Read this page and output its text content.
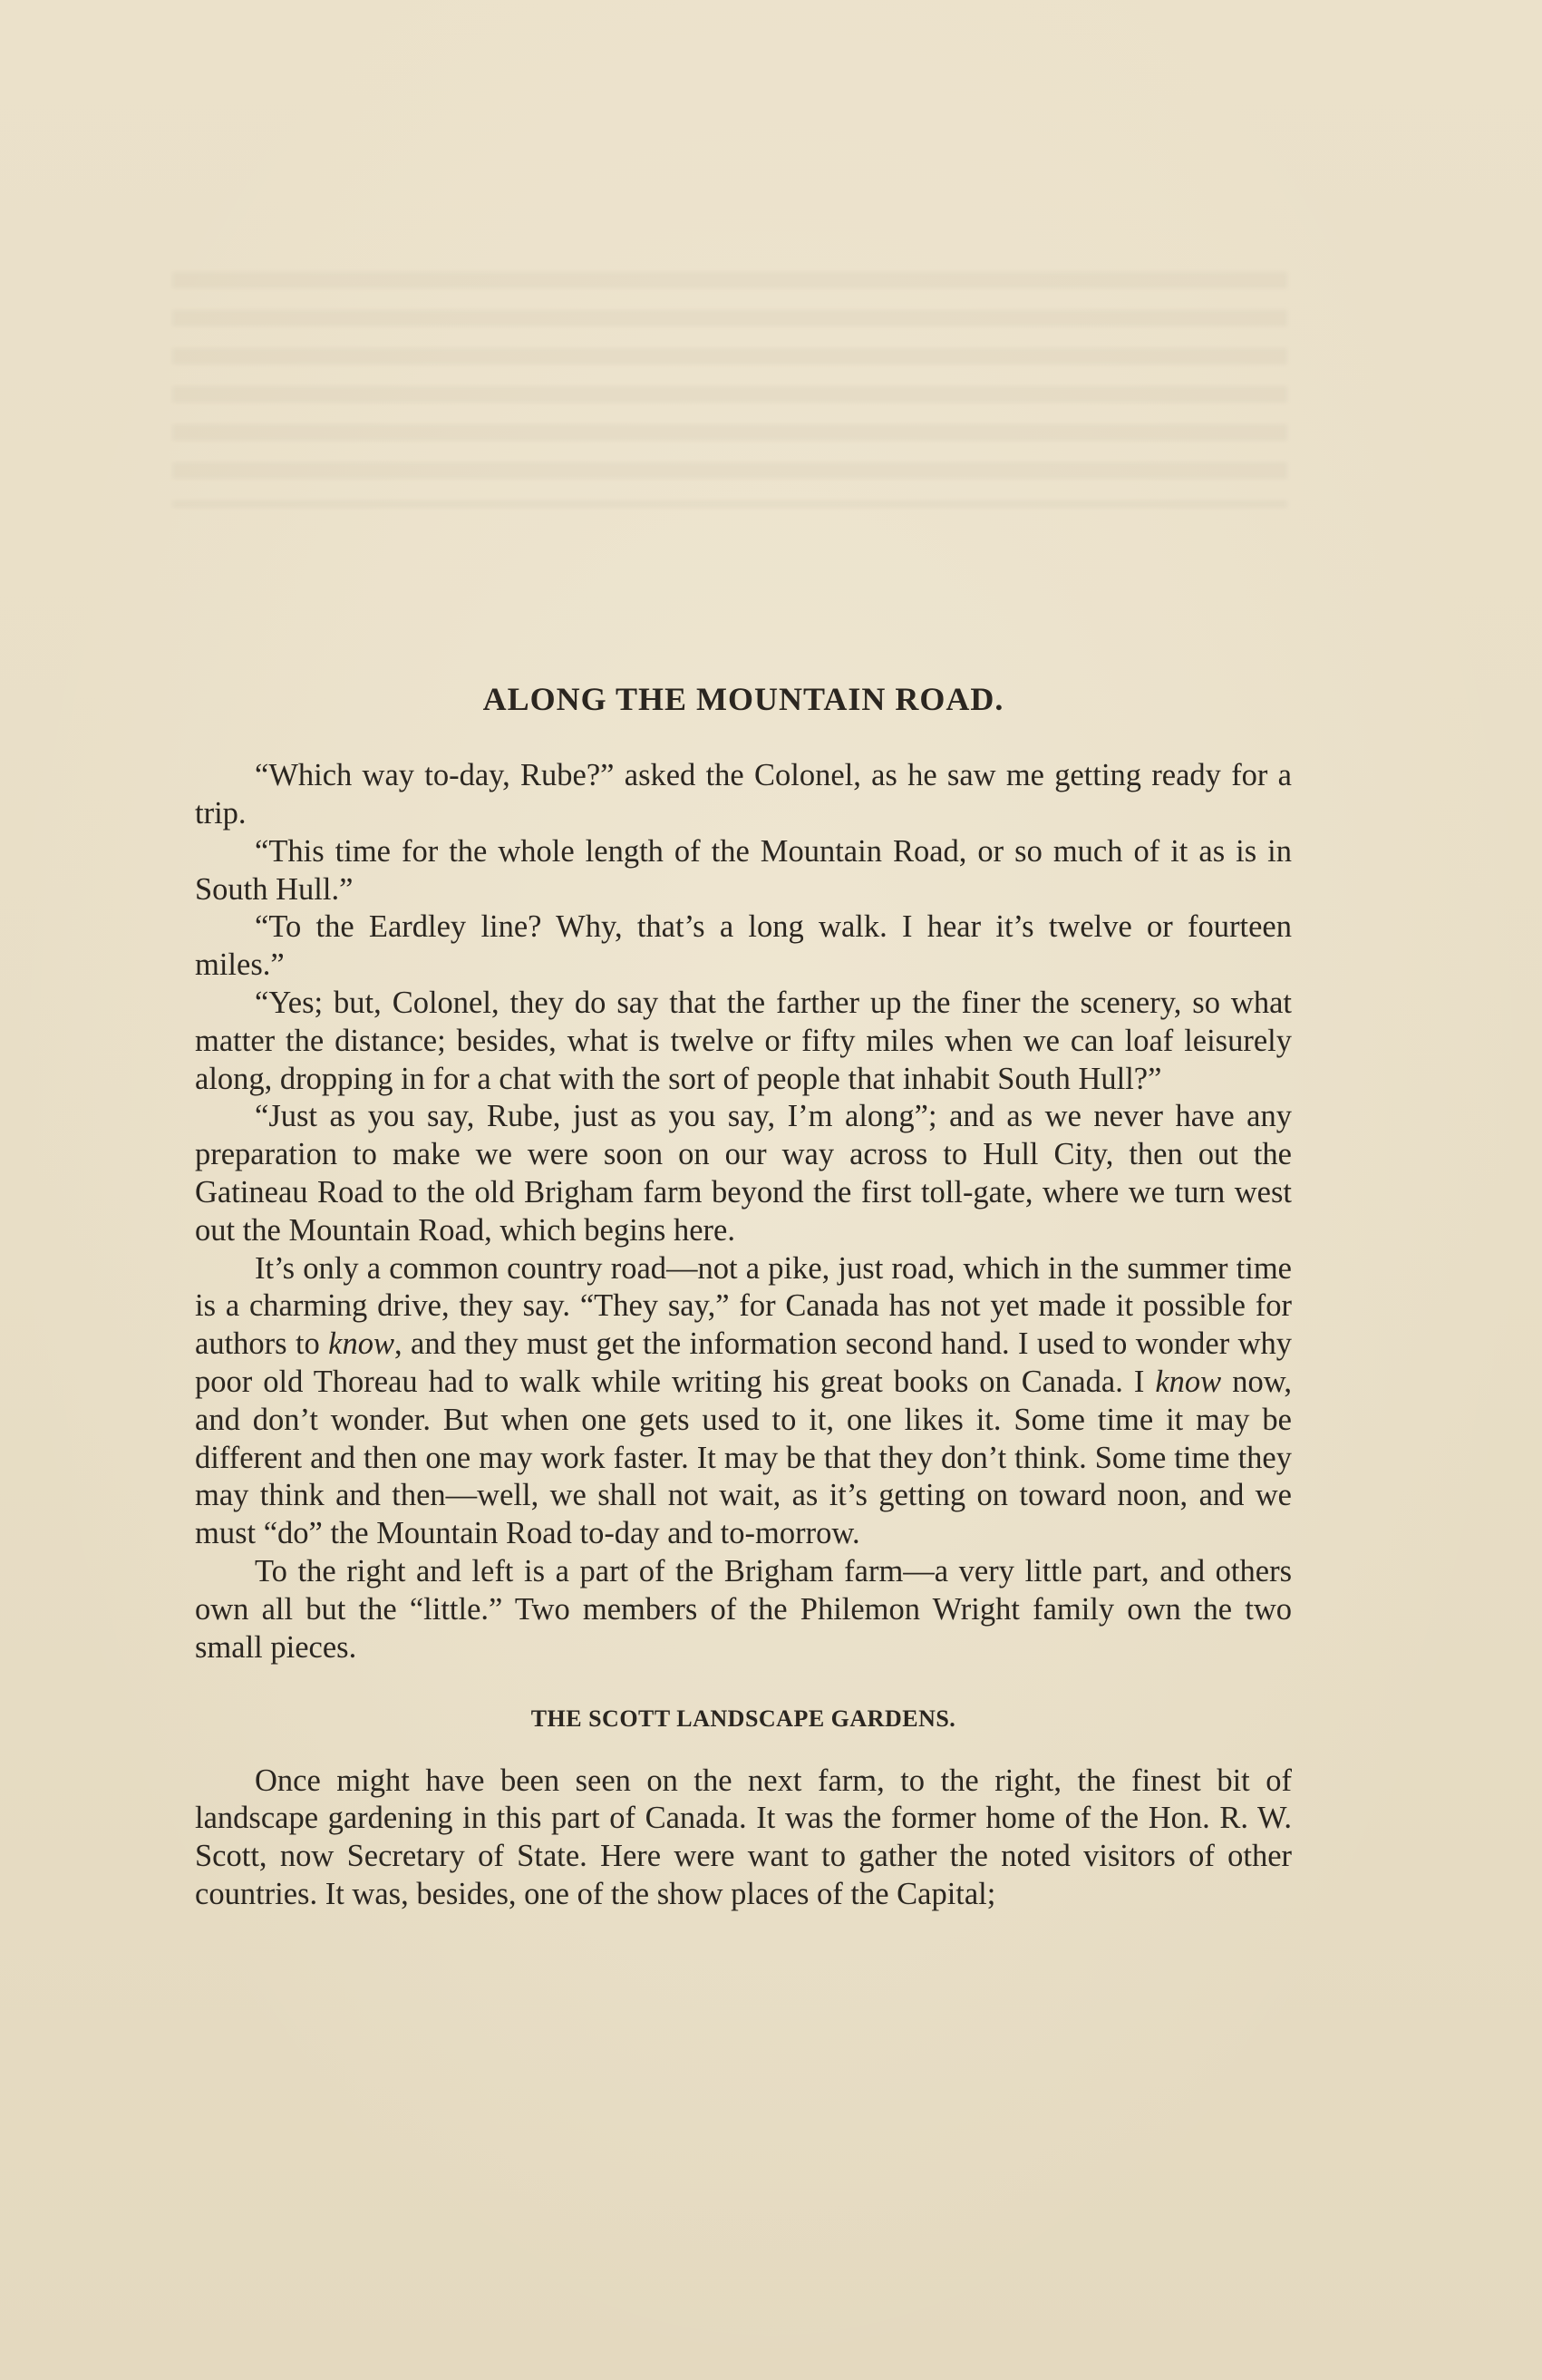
ALONG THE MOUNTAIN ROAD.

“Which way to-day, Rube?” asked the Colonel, as he saw me getting ready for a trip.

“This time for the whole length of the Mountain Road, or so much of it as is in South Hull.”

“To the Eardley line? Why, that’s a long walk. I hear it’s twelve or fourteen miles.”

“Yes; but, Colonel, they do say that the farther up the finer the scenery, so what matter the distance; besides, what is twelve or fifty miles when we can loaf leisurely along, dropping in for a chat with the sort of people that inhabit South Hull?”

“Just as you say, Rube, just as you say, I’m along”; and as we never have any preparation to make we were soon on our way across to Hull City, then out the Gatineau Road to the old Brigham farm beyond the first toll-gate, where we turn west out the Mountain Road, which begins here.

It’s only a common country road—not a pike, just road, which in the summer time is a charming drive, they say. “They say,” for Canada has not yet made it possible for authors to know, and they must get the information second hand. I used to wonder why poor old Thoreau had to walk while writing his great books on Canada. I know now, and don’t wonder. But when one gets used to it, one likes it. Some time it may be different and then one may work faster. It may be that they don’t think. Some time they may think and then—well, we shall not wait, as it’s getting on toward noon, and we must “do” the Mountain Road to-day and to-morrow.

To the right and left is a part of the Brigham farm—a very little part, and others own all but the “little.” Two members of the Philemon Wright family own the two small pieces.

THE SCOTT LANDSCAPE GARDENS.

Once might have been seen on the next farm, to the right, the finest bit of landscape gardening in this part of Canada. It was the former home of the Hon. R. W. Scott, now Secretary of State. Here were want to gather the noted visitors of other countries. It was, besides, one of the show places of the Capital;
